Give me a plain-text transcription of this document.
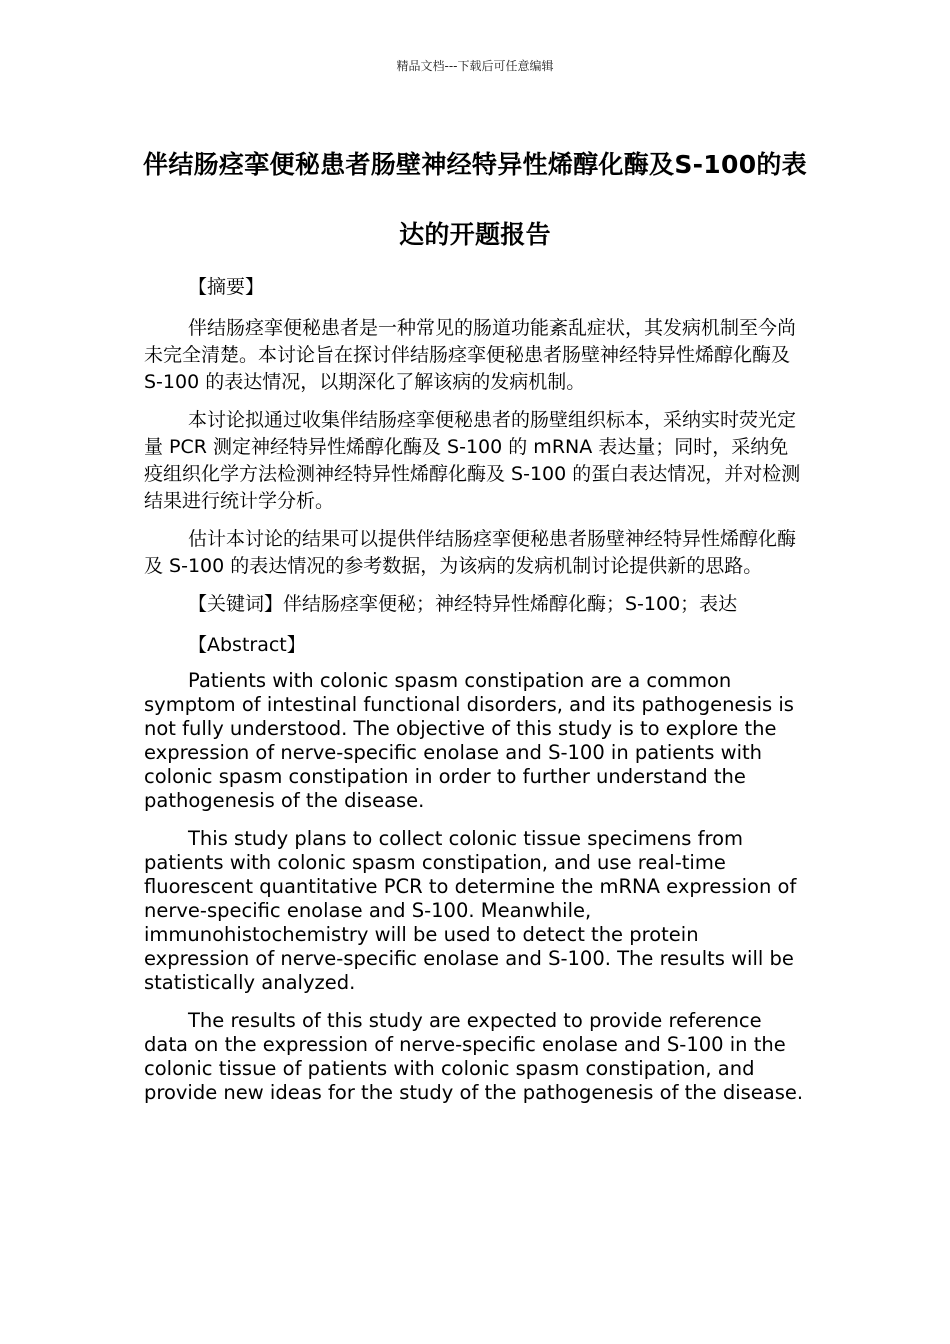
精品文档---下载后可任意编辑
伴结肠痉挛便秘患者肠壁神经特异性烯醇化酶及S-100的表达的开题报告
【摘要】

伴结肠痉挛便秘患者是一种常见的肠道功能紊乱症状，其发病机制至今尚未完全清楚。本讨论旨在探讨伴结肠痉挛便秘患者肠壁神经特异性烯醇化酶及 S-100 的表达情况，以期深化了解该病的发病机制。

本讨论拟通过收集伴结肠痉挛便秘患者的肠壁组织标本，采纳实时荧光定量 PCR 测定神经特异性烯醇化酶及 S-100 的 mRNA 表达量；同时，采纳免疫组织化学方法检测神经特异性烯醇化酶及 S-100 的蛋白表达情况，并对检测结果进行统计学分析。

估计本讨论的结果可以提供伴结肠痉挛便秘患者肠壁神经特异性烯醇化酶及 S-100 的表达情况的参考数据，为该病的发病机制讨论提供新的思路。

【关键词】伴结肠痉挛便秘；神经特异性烯醇化酶；S-100；表达
【Abstract】

Patients with colonic spasm constipation are a common symptom of intestinal functional disorders, and its pathogenesis is not fully understood. The objective of this study is to explore the expression of nerve-specific enolase and S-100 in patients with colonic spasm constipation in order to further understand the pathogenesis of the disease.

This study plans to collect colonic tissue specimens from patients with colonic spasm constipation, and use real-time fluorescent quantitative PCR to determine the mRNA expression of nerve-specific enolase and S-100. Meanwhile, immunohistochemistry will be used to detect the protein expression of nerve-specific enolase and S-100. The results will be statistically analyzed.

The results of this study are expected to provide reference data on the expression of nerve-specific enolase and S-100 in the colonic tissue of patients with colonic spasm constipation, and provide new ideas for the study of the pathogenesis of the disease.
